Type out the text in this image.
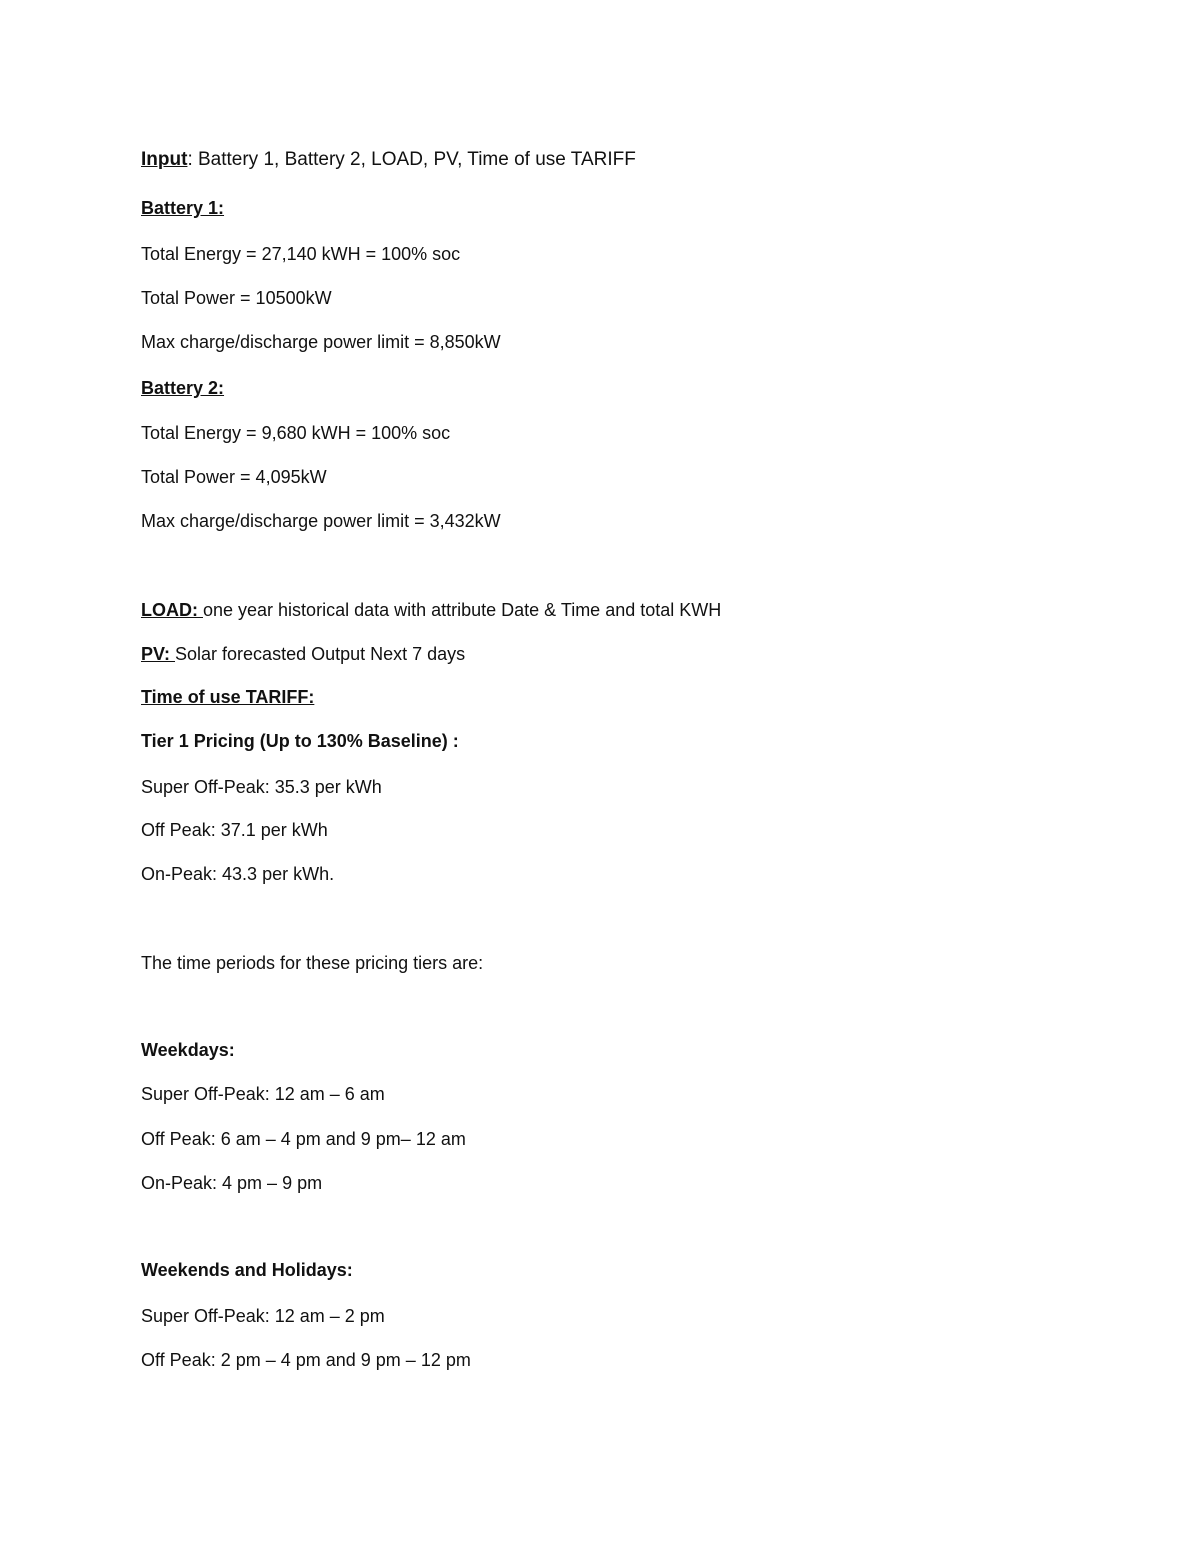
Input: Battery 1, Battery 2, LOAD, PV, Time of use TARIFF
Battery 1:
Total Energy = 27,140 kWH = 100% soc
Total Power = 10500kW
Max charge/discharge power limit = 8,850kW
Battery 2:
Total Energy = 9,680 kWH = 100% soc
Total Power = 4,095kW
Max charge/discharge power limit = 3,432kW
LOAD: one year historical data with attribute Date & Time and total KWH
PV: Solar forecasted Output Next 7 days
Time of use TARIFF:
Tier 1 Pricing (Up to 130% Baseline) :
Super Off-Peak: 35.3 per kWh
Off Peak: 37.1 per kWh
On-Peak: 43.3 per kWh.
The time periods for these pricing tiers are:
Weekdays:
Super Off-Peak: 12 am – 6 am
Off Peak: 6 am – 4 pm and 9 pm– 12 am
On-Peak: 4 pm – 9 pm
Weekends and Holidays:
Super Off-Peak: 12 am – 2 pm
Off Peak: 2 pm – 4 pm and 9 pm – 12 pm
